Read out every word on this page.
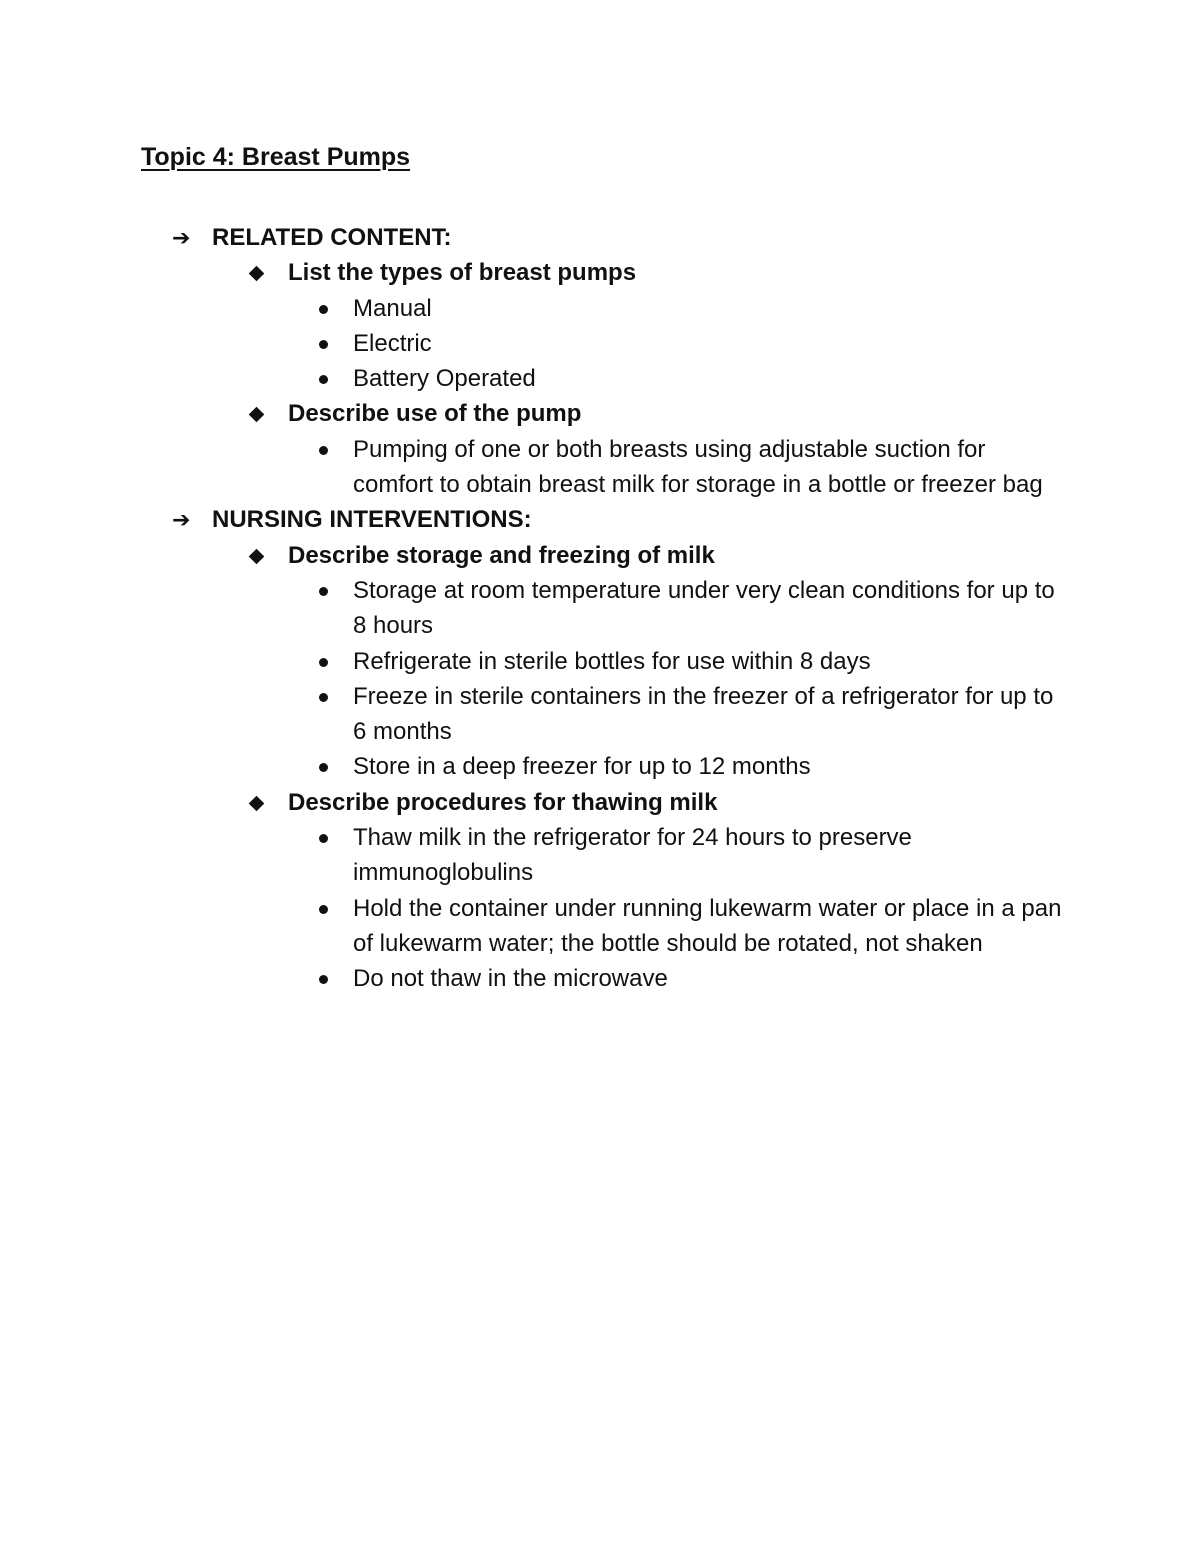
Topic 4: Breast Pumps
➔ RELATED CONTENT:
List the types of breast pumps
Manual
Electric
Battery Operated
Describe use of the pump
Pumping of one or both breasts using adjustable suction for comfort to obtain breast milk for storage in a bottle or freezer bag
➔ NURSING INTERVENTIONS:
Describe storage and freezing of milk
Storage at room temperature under very clean conditions for up to 8 hours
Refrigerate in sterile bottles for use within 8 days
Freeze in sterile containers in the freezer of a refrigerator for up to 6 months
Store in a deep freezer for up to 12 months
Describe procedures for thawing milk
Thaw milk in the refrigerator for 24 hours to preserve immunoglobulins
Hold the container under running lukewarm water or place in a pan of lukewarm water; the bottle should be rotated, not shaken
Do not thaw in the microwave
